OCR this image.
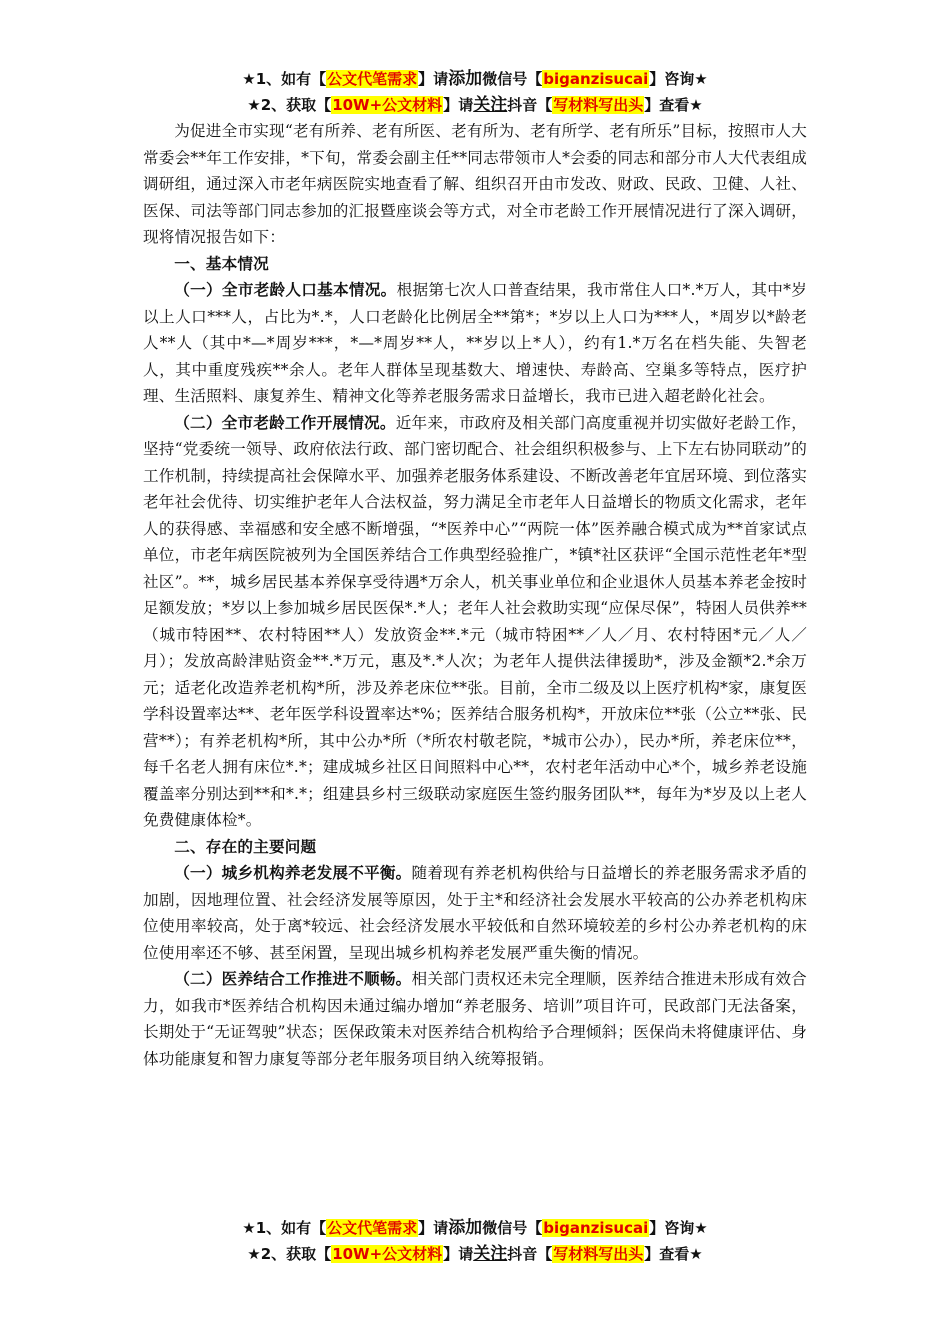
★1、如有【公文代笔需求】请添加微信号【biganzisucai】咨询★
★2、获取【10W+公文材料】请关注抖音【写材料写出头】查看★

为促进全市实现“老有所养、老有所医、老有所为、老有所学、老有所乐”目标，按照市人大常委会**年工作安排，*下旬，常委会副主任**同志带领市人*会委的同志和部分市人大代表组成调研组，通过深入市老年病医院实地查看了解、组织召开由市发改、财政、民政、卫健、人社、医保、司法等部门同志参加的汇报暨座谈会等方式，对全市老龄工作开展情况进行了深入调研，现将情况报告如下：

一、基本情况

（一）全市老龄人口基本情况。根据第七次人口普查结果，我市常住人口*.*万人，其中*岁以上人口***人，占比为*.*，人口老龄化比例居全**第*；*岁以上人口为***人，*周岁以*龄老人**人（其中*—*周岁***，*—*周岁**人，**岁以上*人），约有1.*万名在档失能、失智老人，其中重度残疾**余人。老年人群体呈现基数大、增速快、寿龄高、空巢多等特点，医疗护理、生活照料、康复养生、精神文化等养老服务需求日益增长，我市已进入超老龄化社会。

（二）全市老龄工作开展情况。近年来，市政府及相关部门高度重视并切实做好老龄工作，坚持“党委统一领导、政府依法行政、部门密切配合、社会组织积极参与、上下左右协同联动”的工作机制，持续提高社会保障水平、加强养老服务体系建设、不断改善老年宜居环境、到位落实老年社会优待、切实维护老年人合法权益，努力满足全市老年人日益增长的物质文化需求，老年人的获得感、幸福感和安全感不断增强，“*医养中心”“两院一体”医养融合模式成为**首家试点单位，市老年病医院被列为全国医养结合工作典型经验推广，*镇*社区获评“全国示范性老年*型社区”。**，城乡居民基本养保享受待遇*万余人，机关事业单位和企业退休人员基本养老金按时足额发放；*岁以上参加城乡居民医保*.*人；老年人社会救助实现“应保尽保”，特困人员供养**（城市特困**、农村特困**人）发放资金**.*元（城市特困**／人／月、农村特困*元／人／月）；发放高龄津贴资金**.*万元，惠及*.*人次；为老年人提供法律援助*，涉及金额*2.*余万元；适老化改造养老机构*所，涉及养老床位**张。目前，全市二级及以上医疗机构*家，康复医学科设置率达**、老年医学科设置率达*%；医养结合服务机构*，开放床位**张（公立**张、民营**）；有养老机构*所，其中公办*所（*所农村敬老院，*城市公办），民办*所，养老床位**，每千名老人拥有床位*.*；建成城乡社区日间照料中心**，农村老年活动中心*个，城乡养老设施覆盖率分别达到**和*.*；组建县乡村三级联动家庭医生签约服务团队**，每年为*岁及以上老人免费健康体检*。

二、存在的主要问题

（一）城乡机构养老发展不平衡。随着现有养老机构供给与日益增长的养老服务需求矛盾的加剧，因地理位置、社会经济发展等原因，处于主*和经济社会发展水平较高的公办养老机构床位使用率较高，处于离*较远、社会经济发展水平较低和自然环境较差的乡村公办养老机构的床位使用率还不够、甚至闲置，呈现出城乡机构养老发展严重失衡的情况。

（二）医养结合工作推进不顺畅。相关部门责权还未完全理顺，医养结合推进未形成有效合力，如我市*医养结合机构因未通过编办增加“养老服务、培训”项目许可，民政部门无法备案，长期处于“无证驾驶”状态；医保政策未对医养结合机构给予合理倾斜；医保尚未将健康评估、身体功能康复和智力康复等部分老年服务项目纳入统筹报销。

★1、如有【公文代笔需求】请添加微信号【biganzisucai】咨询★
★2、获取【10W+公文材料】请关注抖音【写材料写出头】查看★
